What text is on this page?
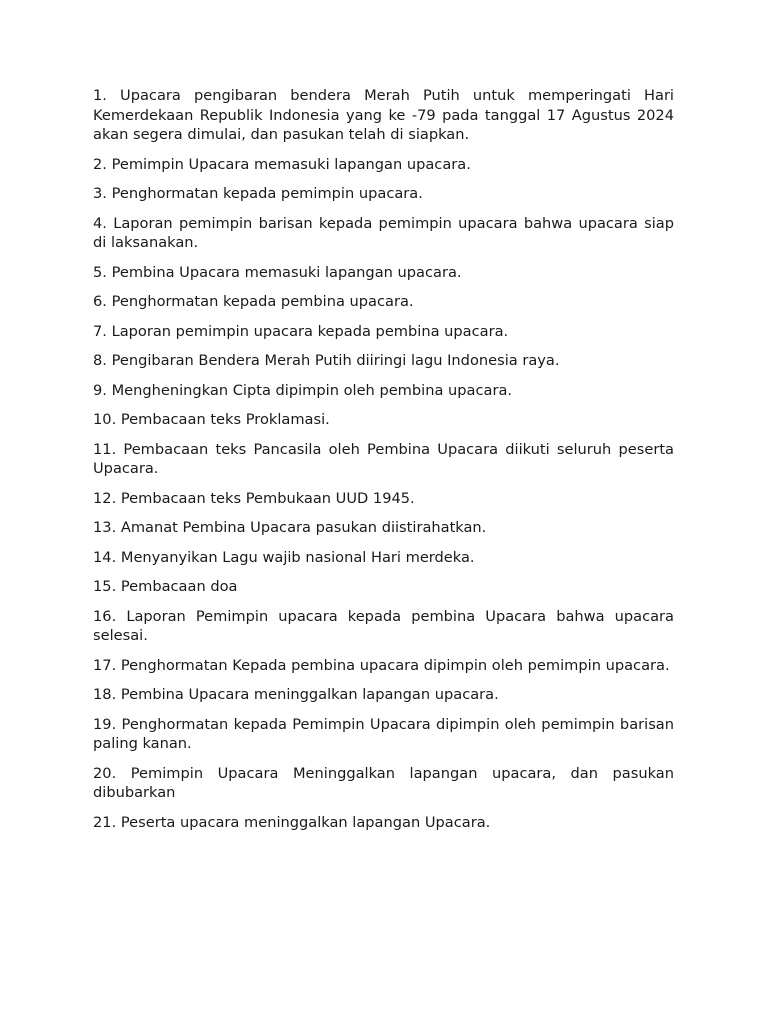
1. Upacara pengibaran bendera Merah Putih untuk memperingati Hari Kemerdekaan Republik Indonesia yang ke -79 pada tanggal 17 Agustus 2024 akan segera dimulai, dan pasukan telah di siapkan.

2. Pemimpin Upacara memasuki lapangan upacara.

3. Penghormatan kepada pemimpin upacara.

4. Laporan pemimpin barisan kepada pemimpin upacara bahwa upacara siap di laksanakan.

5. Pembina Upacara memasuki lapangan upacara.

6. Penghormatan kepada pembina upacara.

7. Laporan pemimpin upacara kepada pembina upacara.

8. Pengibaran Bendera Merah Putih diiringi lagu Indonesia raya.

9. Mengheningkan Cipta dipimpin oleh pembina upacara.

10. Pembacaan teks Proklamasi.

11. Pembacaan teks Pancasila oleh Pembina Upacara diikuti seluruh peserta Upacara.

12. Pembacaan teks Pembukaan UUD 1945.

13. Amanat Pembina Upacara pasukan diistirahatkan.

14. Menyanyikan Lagu wajib nasional Hari merdeka.

15. Pembacaan doa

16. Laporan Pemimpin upacara kepada pembina Upacara bahwa upacara selesai.

17. Penghormatan Kepada pembina upacara dipimpin oleh pemimpin upacara.

18. Pembina Upacara meninggalkan lapangan upacara.

19. Penghormatan kepada Pemimpin Upacara dipimpin oleh pemimpin barisan paling kanan.

20. Pemimpin Upacara Meninggalkan lapangan upacara, dan pasukan dibubarkan

21. Peserta upacara meninggalkan lapangan Upacara.
